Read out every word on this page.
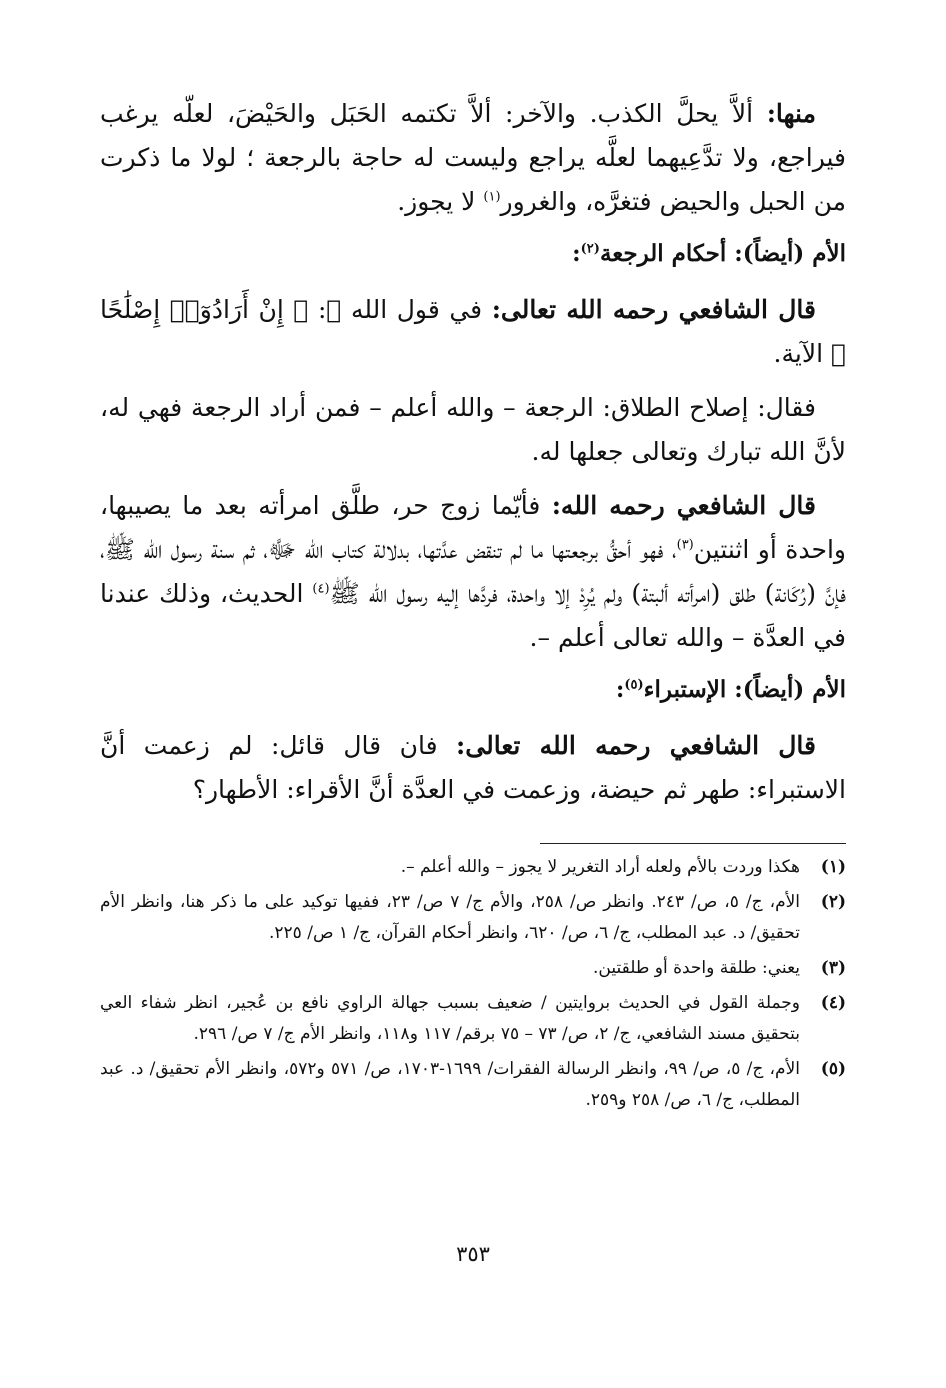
منها: ألاَّ يحلَّ الكذب. والآخر: ألاَّ تكتمه الحَبَل والحَيْضَ، لعلّه يرغب فيراجع، ولا تدَّعِيهما لعلَّه يراجع وليست له حاجة بالرجعة ؛ لولا ما ذكرت من الحبل والحيض فتغرَّه، والغرور$^{(١)}$ لا يجوز.

الأم (أيضاً): أحكام الرجعة$^{(٢)}$:

قال الشافعي رحمه الله تعالى: في قول الله ﷻ: ﴿ إِنْ أَرَادُوٓا۟ إِصْلَٰحًا ﴾ الآية.

فقال: إصلاح الطلاق: الرجعة – والله أعلم – فمن أراد الرجعة فهي له، لأنَّ الله تبارك وتعالى جعلها له.

قال الشافعي رحمه الله: فأيّما زوج حر، طلَّق امرأته بعد ما يصيبها، واحدة أو اثنتين$^{(٣)}$، فهو أحقُّ برجعتها ما لم تنقض عدَّتها، بدلالة كتاب الله ﷻ، ثم سنة رسول الله ﷺ، فإنَّ (رُكَانة) طلق (امرأته ألبتة) ولم يُرِدْ إلا واحدة، فردَّها إليه رسول الله ﷺ$^{(٤)}$ الحديث، وذلك عندنا في العدَّة – والله تعالى أعلم –.

الأم (أيضاً): الإستبراء$^{(٥)}$:

قال الشافعي رحمه الله تعالى: فان قال قائل: لم زعمت أنَّ الاستبراء: طهر ثم حيضة، وزعمت في العدَّة أنَّ الأقراء: الأطهار؟

(١)
هكذا وردت بالأم ولعله أراد التغرير لا يجوز – والله أعلم –.
(٢)
الأم، ج/ ٥، ص/ ٢٤٣. وانظر ص/ ٢٥٨، والأم ج/ ٧ ص/ ٢٣، ففيها توكيد على ما ذكر هنا، وانظر الأم تحقيق/ د. عبد المطلب، ج/ ٦، ص/ ٦٢٠، وانظر أحكام القرآن، ج/ ١ ص/ ٢٢٥.
(٣)
يعني: طلقة واحدة أو طلقتين.
(٤)
وجملة القول في الحديث بروايتين / ضعيف بسبب جهالة الراوي نافع بن عُجير، انظر شفاء العي بتحقيق مسند الشافعي، ج/ ٢، ص/ ٧٣ – ٧٥ برقم/ ١١٧ و١١٨، وانظر الأم ج/ ٧ ص/ ٢٩٦.
(٥)
الأم، ج/ ٥، ص/ ٩٩، وانظر الرسالة الفقرات/ ١٦٩٩-١٧٠٣، ص/ ٥٧١ و٥٧٢، وانظر الأم تحقيق/ د. عبد المطلب، ج/ ٦، ص/ ٢٥٨ و٢٥٩.
٣٥٣
